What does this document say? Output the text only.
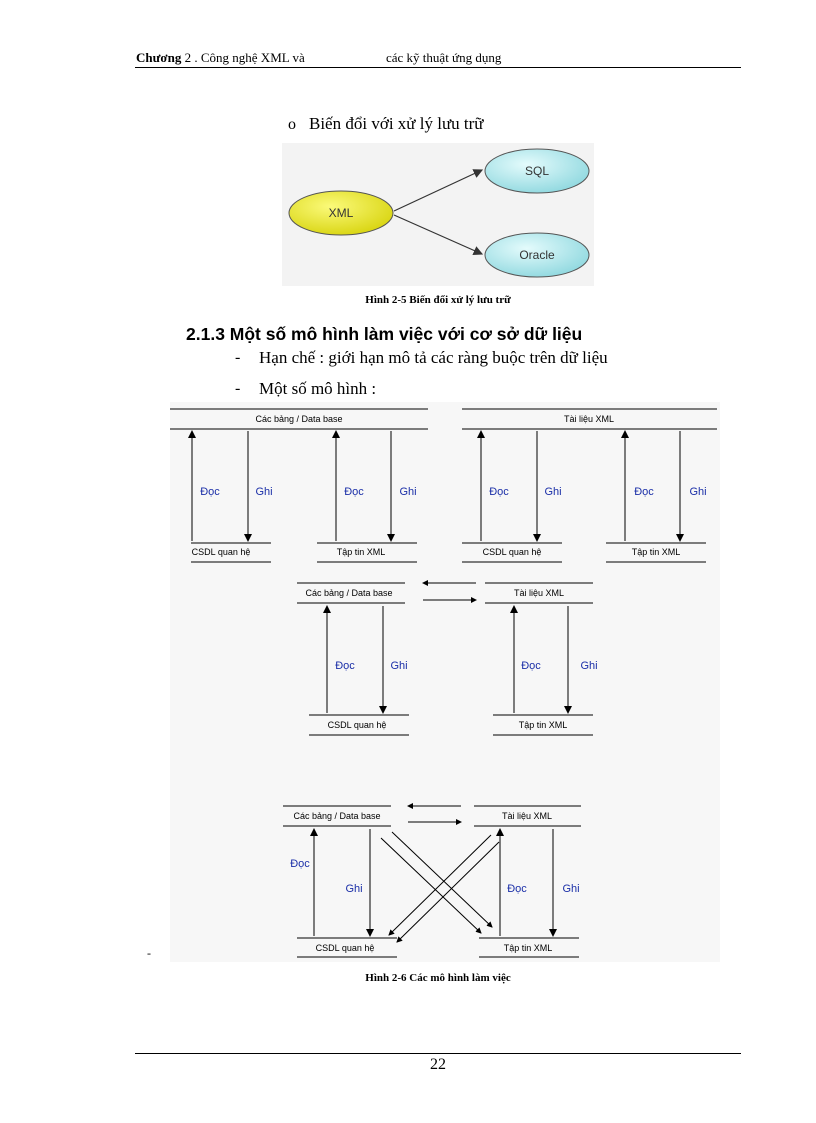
Chương 2 . Công nghệ XML và	các kỹ thuật ứng dụng
o Biến đổi với xử lý lưu trữ
XML
SQL
Oracle
Hình 2-5 Biến đổi xử lý lưu trữ
2.1.3 Một số mô hình làm việc với cơ sở dữ liệu
- Hạn chế : giới hạn mô tả các ràng buộc trên dữ liệu
- Một số mô hình :
Các bảng / Data base	Tài liệu XML
CSDL quan hệ	Tập tin XML	CSDL quan hệ	Tập tin XML
Các bảng / Data base	Tài liệu XML
CSDL quan hệ	Tập tin XML
Các bảng / Data base	Tài liệu XML
CSDL quan hệ	Tập tin XML
Đọc	Ghi	Đọc	Ghi	Đọc	Ghi	Đọc	Ghi
Đọc	Ghi	Đọc	Ghi
Đọc
Ghi	Đọc	Ghi
-
Hình 2-6 Các mô hình làm việc
22
